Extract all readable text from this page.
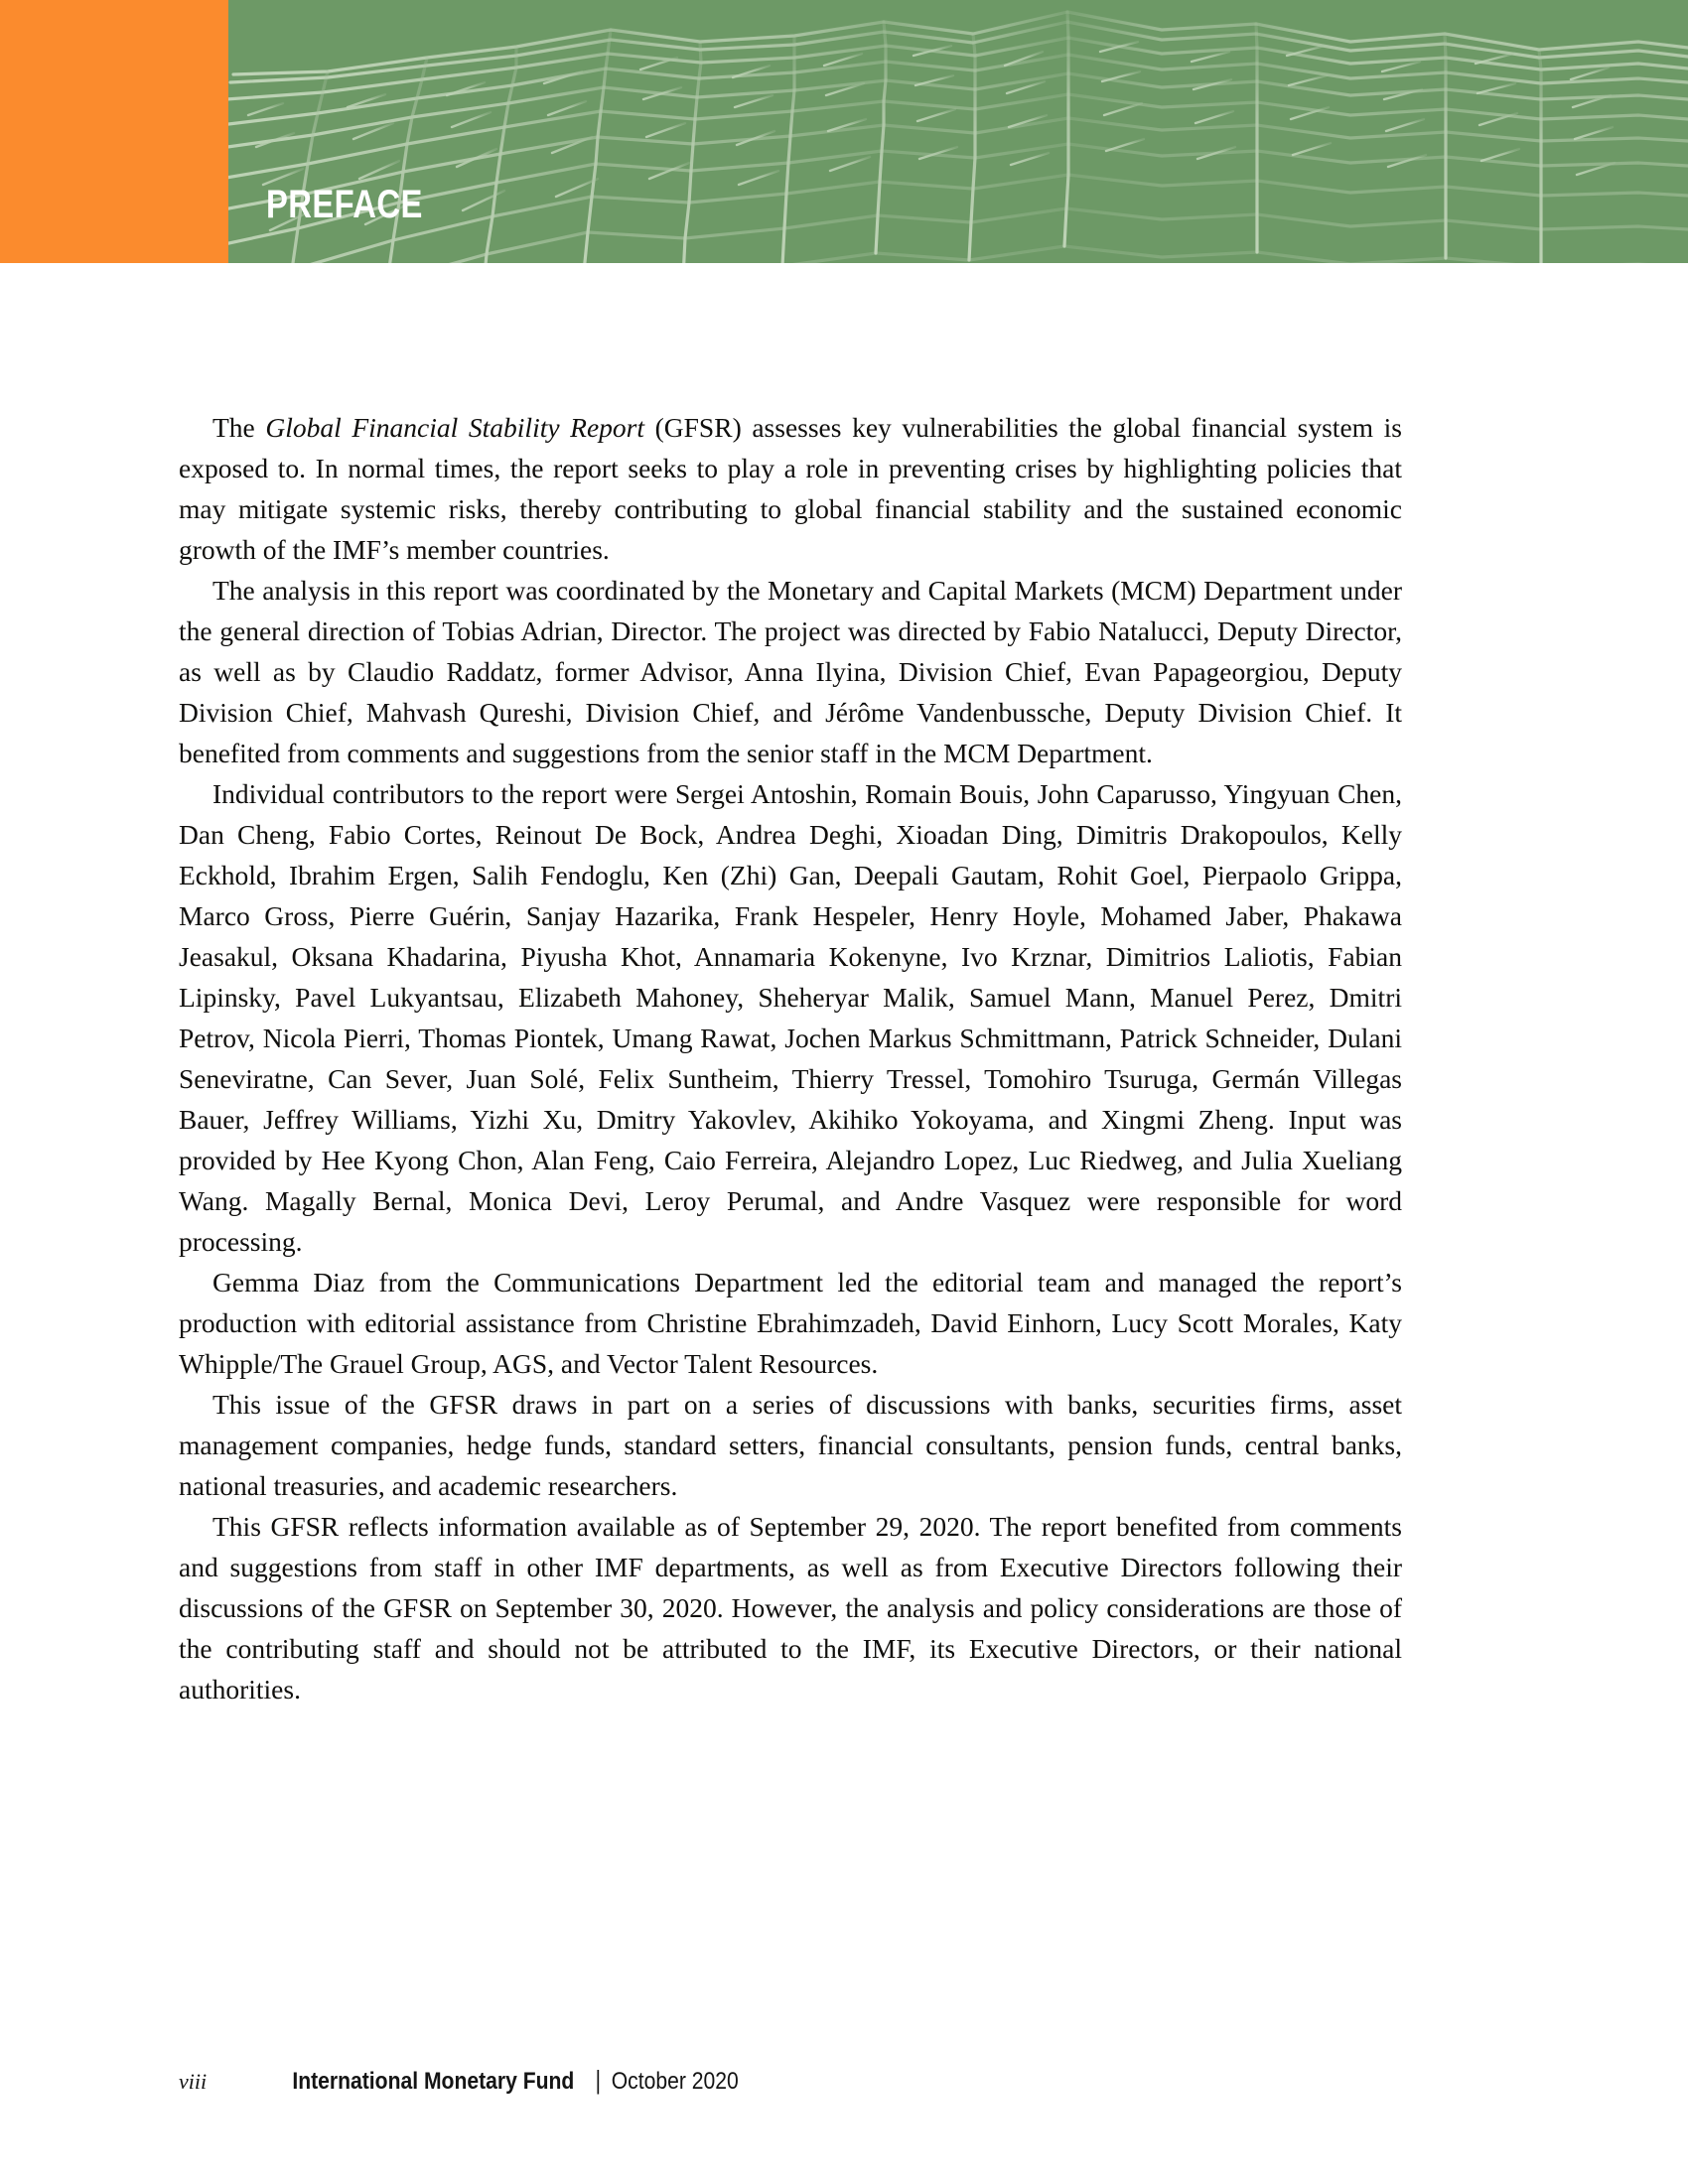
PREFACE

The Global Financial Stability Report (GFSR) assesses key vulnerabilities the global financial system is exposed to. In normal times, the report seeks to play a role in preventing crises by highlighting policies that may mitigate systemic risks, thereby contributing to global financial stability and the sustained economic growth of the IMF’s member countries.

The analysis in this report was coordinated by the Monetary and Capital Markets (MCM) Department under the general direction of Tobias Adrian, Director. The project was directed by Fabio Natalucci, Deputy Director, as well as by Claudio Raddatz, former Advisor, Anna Ilyina, Division Chief, Evan Papageorgiou, Deputy Division Chief, Mahvash Qureshi, Division Chief, and Jérôme Vandenbussche, Deputy Division Chief. It benefited from comments and suggestions from the senior staff in the MCM Department.

Individual contributors to the report were Sergei Antoshin, Romain Bouis, John Caparusso, Yingyuan Chen, Dan Cheng, Fabio Cortes, Reinout De Bock, Andrea Deghi, Xioadan Ding, Dimitris Drakopoulos, Kelly Eckhold, Ibrahim Ergen, Salih Fendoglu, Ken (Zhi) Gan, Deepali Gautam, Rohit Goel, Pierpaolo Grippa, Marco Gross, Pierre Guérin, Sanjay Hazarika, Frank Hespeler, Henry Hoyle, Mohamed Jaber, Phakawa Jeasakul, Oksana Khadarina, Piyusha Khot, Annamaria Kokenyne, Ivo Krznar, Dimitrios Laliotis, Fabian Lipinsky, Pavel Lukyantsau, Elizabeth Mahoney, Sheheryar Malik, Samuel Mann, Manuel Perez, Dmitri Petrov, Nicola Pierri, Thomas Piontek, Umang Rawat, Jochen Markus Schmittmann, Patrick Schneider, Dulani Seneviratne, Can Sever, Juan Solé, Felix Suntheim, Thierry Tressel, Tomohiro Tsuruga, Germán Villegas Bauer, Jeffrey Williams, Yizhi Xu, Dmitry Yakovlev, Akihiko Yokoyama, and Xingmi Zheng. Input was provided by Hee Kyong Chon, Alan Feng, Caio Ferreira, Alejandro Lopez, Luc Riedweg, and Julia Xueliang Wang. Magally Bernal, Monica Devi, Leroy Perumal, and Andre Vasquez were responsible for word processing.

Gemma Diaz from the Communications Department led the editorial team and managed the report’s production with editorial assistance from Christine Ebrahimzadeh, David Einhorn, Lucy Scott Morales, Katy Whipple/The Grauel Group, AGS, and Vector Talent Resources.

This issue of the GFSR draws in part on a series of discussions with banks, securities firms, asset management companies, hedge funds, standard setters, financial consultants, pension funds, central banks, national treasuries, and academic researchers.

This GFSR reflects information available as of September 29, 2020. The report benefited from comments and suggestions from staff in other IMF departments, as well as from Executive Directors following their discussions of the GFSR on September 30, 2020. However, the analysis and policy considerations are those of the contributing staff and should not be attributed to the IMF, its Executive Directors, or their national authorities.

viii	International Monetary Fund | October 2020
